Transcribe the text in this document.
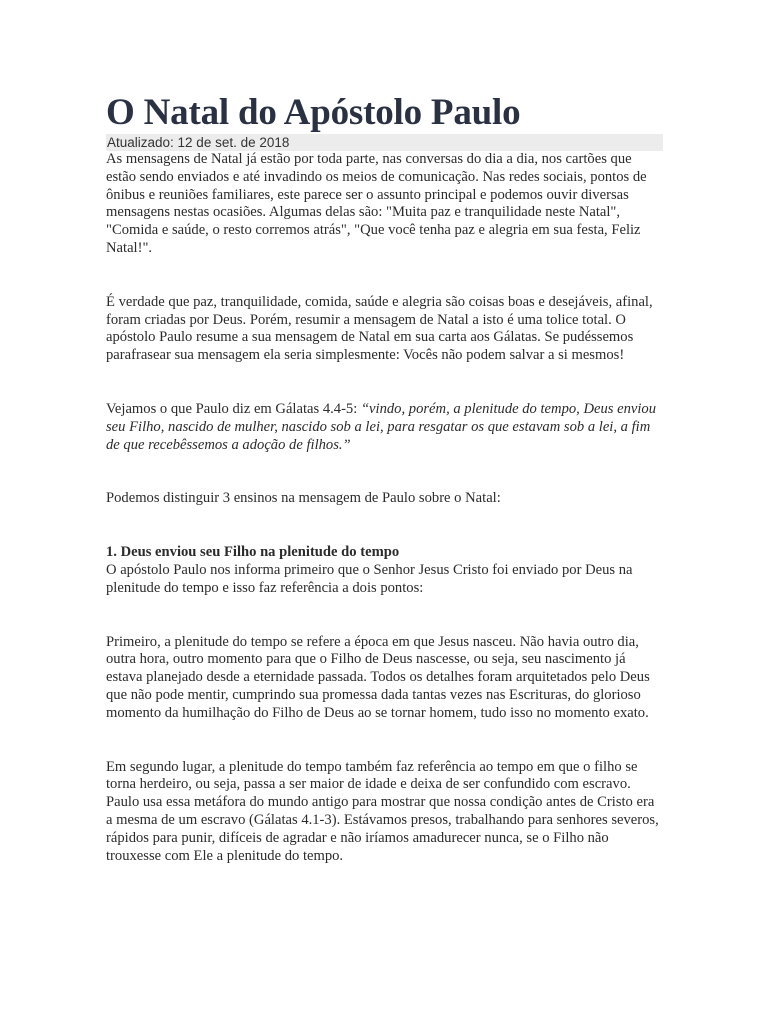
O Natal do Apóstolo Paulo
Atualizado: 12 de set. de 2018

As mensagens de Natal já estão por toda parte, nas conversas do dia a dia, nos cartões que estão sendo enviados e até invadindo os meios de comunicação. Nas redes sociais, pontos de ônibus e reuniões familiares, este parece ser o assunto principal e podemos ouvir diversas mensagens nestas ocasiões. Algumas delas são: "Muita paz e tranquilidade neste Natal", "Comida e saúde, o resto corremos atrás", "Que você tenha paz e alegria em sua festa, Feliz Natal!".

É verdade que paz, tranquilidade, comida, saúde e alegria são coisas boas e desejáveis, afinal, foram criadas por Deus. Porém, resumir a mensagem de Natal a isto é uma tolice total. O apóstolo Paulo resume a sua mensagem de Natal em sua carta aos Gálatas. Se pudéssemos parafrasear sua mensagem ela seria simplesmente: Vocês não podem salvar a si mesmos!

Vejamos o que Paulo diz em Gálatas 4.4-5: “vindo, porém, a plenitude do tempo, Deus enviou seu Filho, nascido de mulher, nascido sob a lei, para resgatar os que estavam sob a lei, a fim de que recebêssemos a adoção de filhos.”

Podemos distinguir 3 ensinos na mensagem de Paulo sobre o Natal:

1. Deus enviou seu Filho na plenitude do tempo

O apóstolo Paulo nos informa primeiro que o Senhor Jesus Cristo foi enviado por Deus na plenitude do tempo e isso faz referência a dois pontos:

Primeiro, a plenitude do tempo se refere a época em que Jesus nasceu. Não havia outro dia, outra hora, outro momento para que o Filho de Deus nascesse, ou seja, seu nascimento já estava planejado desde a eternidade passada. Todos os detalhes foram arquitetados pelo Deus que não pode mentir, cumprindo sua promessa dada tantas vezes nas Escrituras, do glorioso momento da humilhação do Filho de Deus ao se tornar homem, tudo isso no momento exato.

Em segundo lugar, a plenitude do tempo também faz referência ao tempo em que o filho se torna herdeiro, ou seja, passa a ser maior de idade e deixa de ser confundido com escravo. Paulo usa essa metáfora do mundo antigo para mostrar que nossa condição antes de Cristo era a mesma de um escravo (Gálatas 4.1-3). Estávamos presos, trabalhando para senhores severos, rápidos para punir, difíceis de agradar e não iríamos amadurecer nunca, se o Filho não trouxesse com Ele a plenitude do tempo.
